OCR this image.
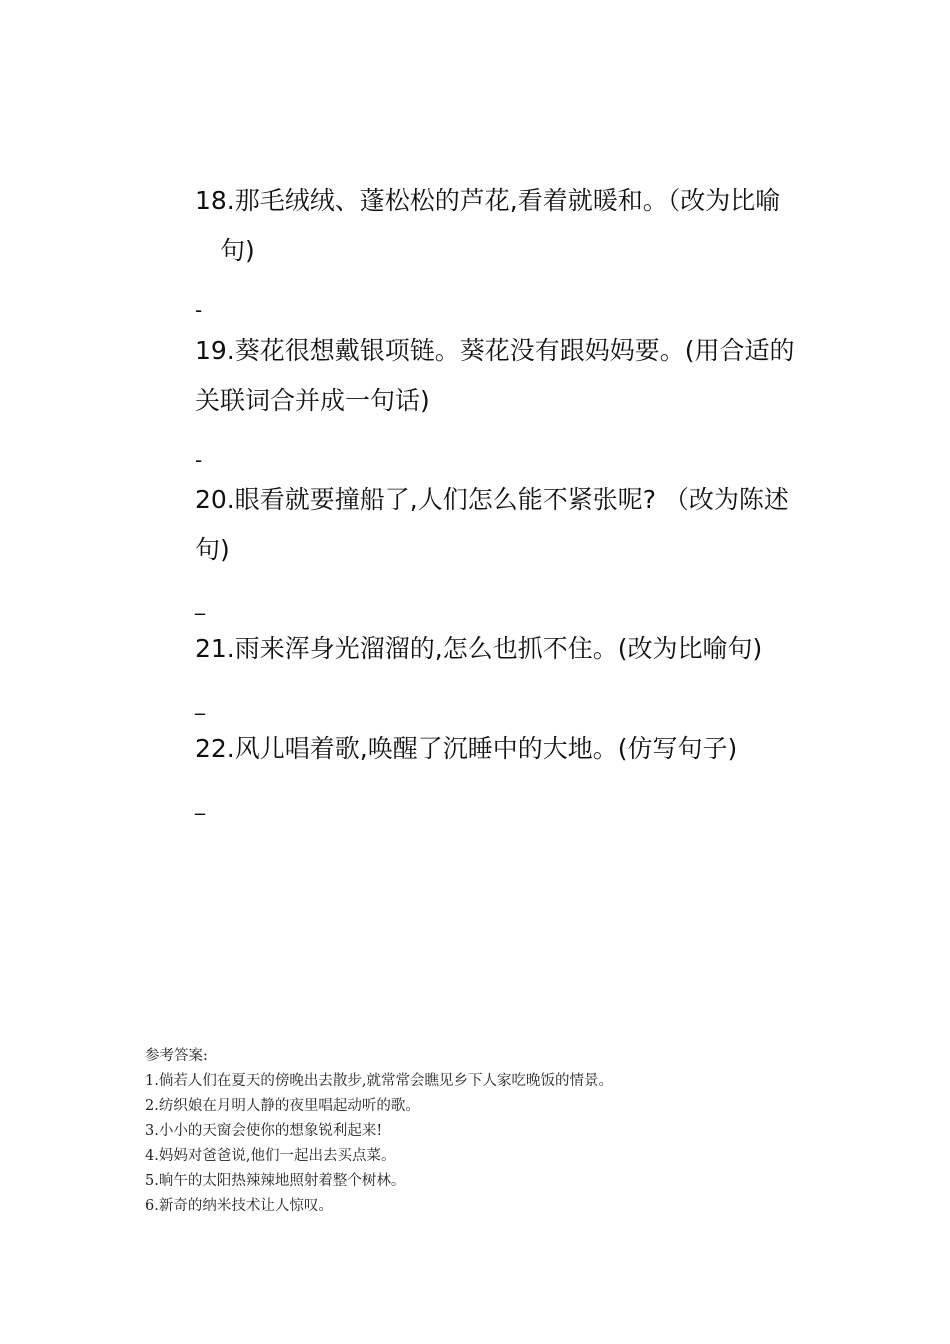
18.那毛绒绒、蓬松松的芦花,看着就暖和。（改为比喻

句)

-

19.葵花很想戴银项链。葵花没有跟妈妈要。(用合适的

关联词合并成一句话)

-

20.眼看就要撞船了,人们怎么能不紧张呢? （改为陈述

句)

_

21.雨来浑身光溜溜的,怎么也抓不住。(改为比喻句)

_

22.风儿唱着歌,唤醒了沉睡中的大地。(仿写句子)

_

参考答案:
1.倘若人们在夏天的傍晚出去散步,就常常会瞧见乡下人家吃晚饭的情景。
2.纺织娘在月明人静的夜里唱起动听的歌。
3.小小的天窗会使你的想象锐利起来!
4.妈妈对爸爸说,他们一起出去买点菜。
5.晌午的太阳热辣辣地照射着整个树林。
6.新奇的纳米技术让人惊叹。
